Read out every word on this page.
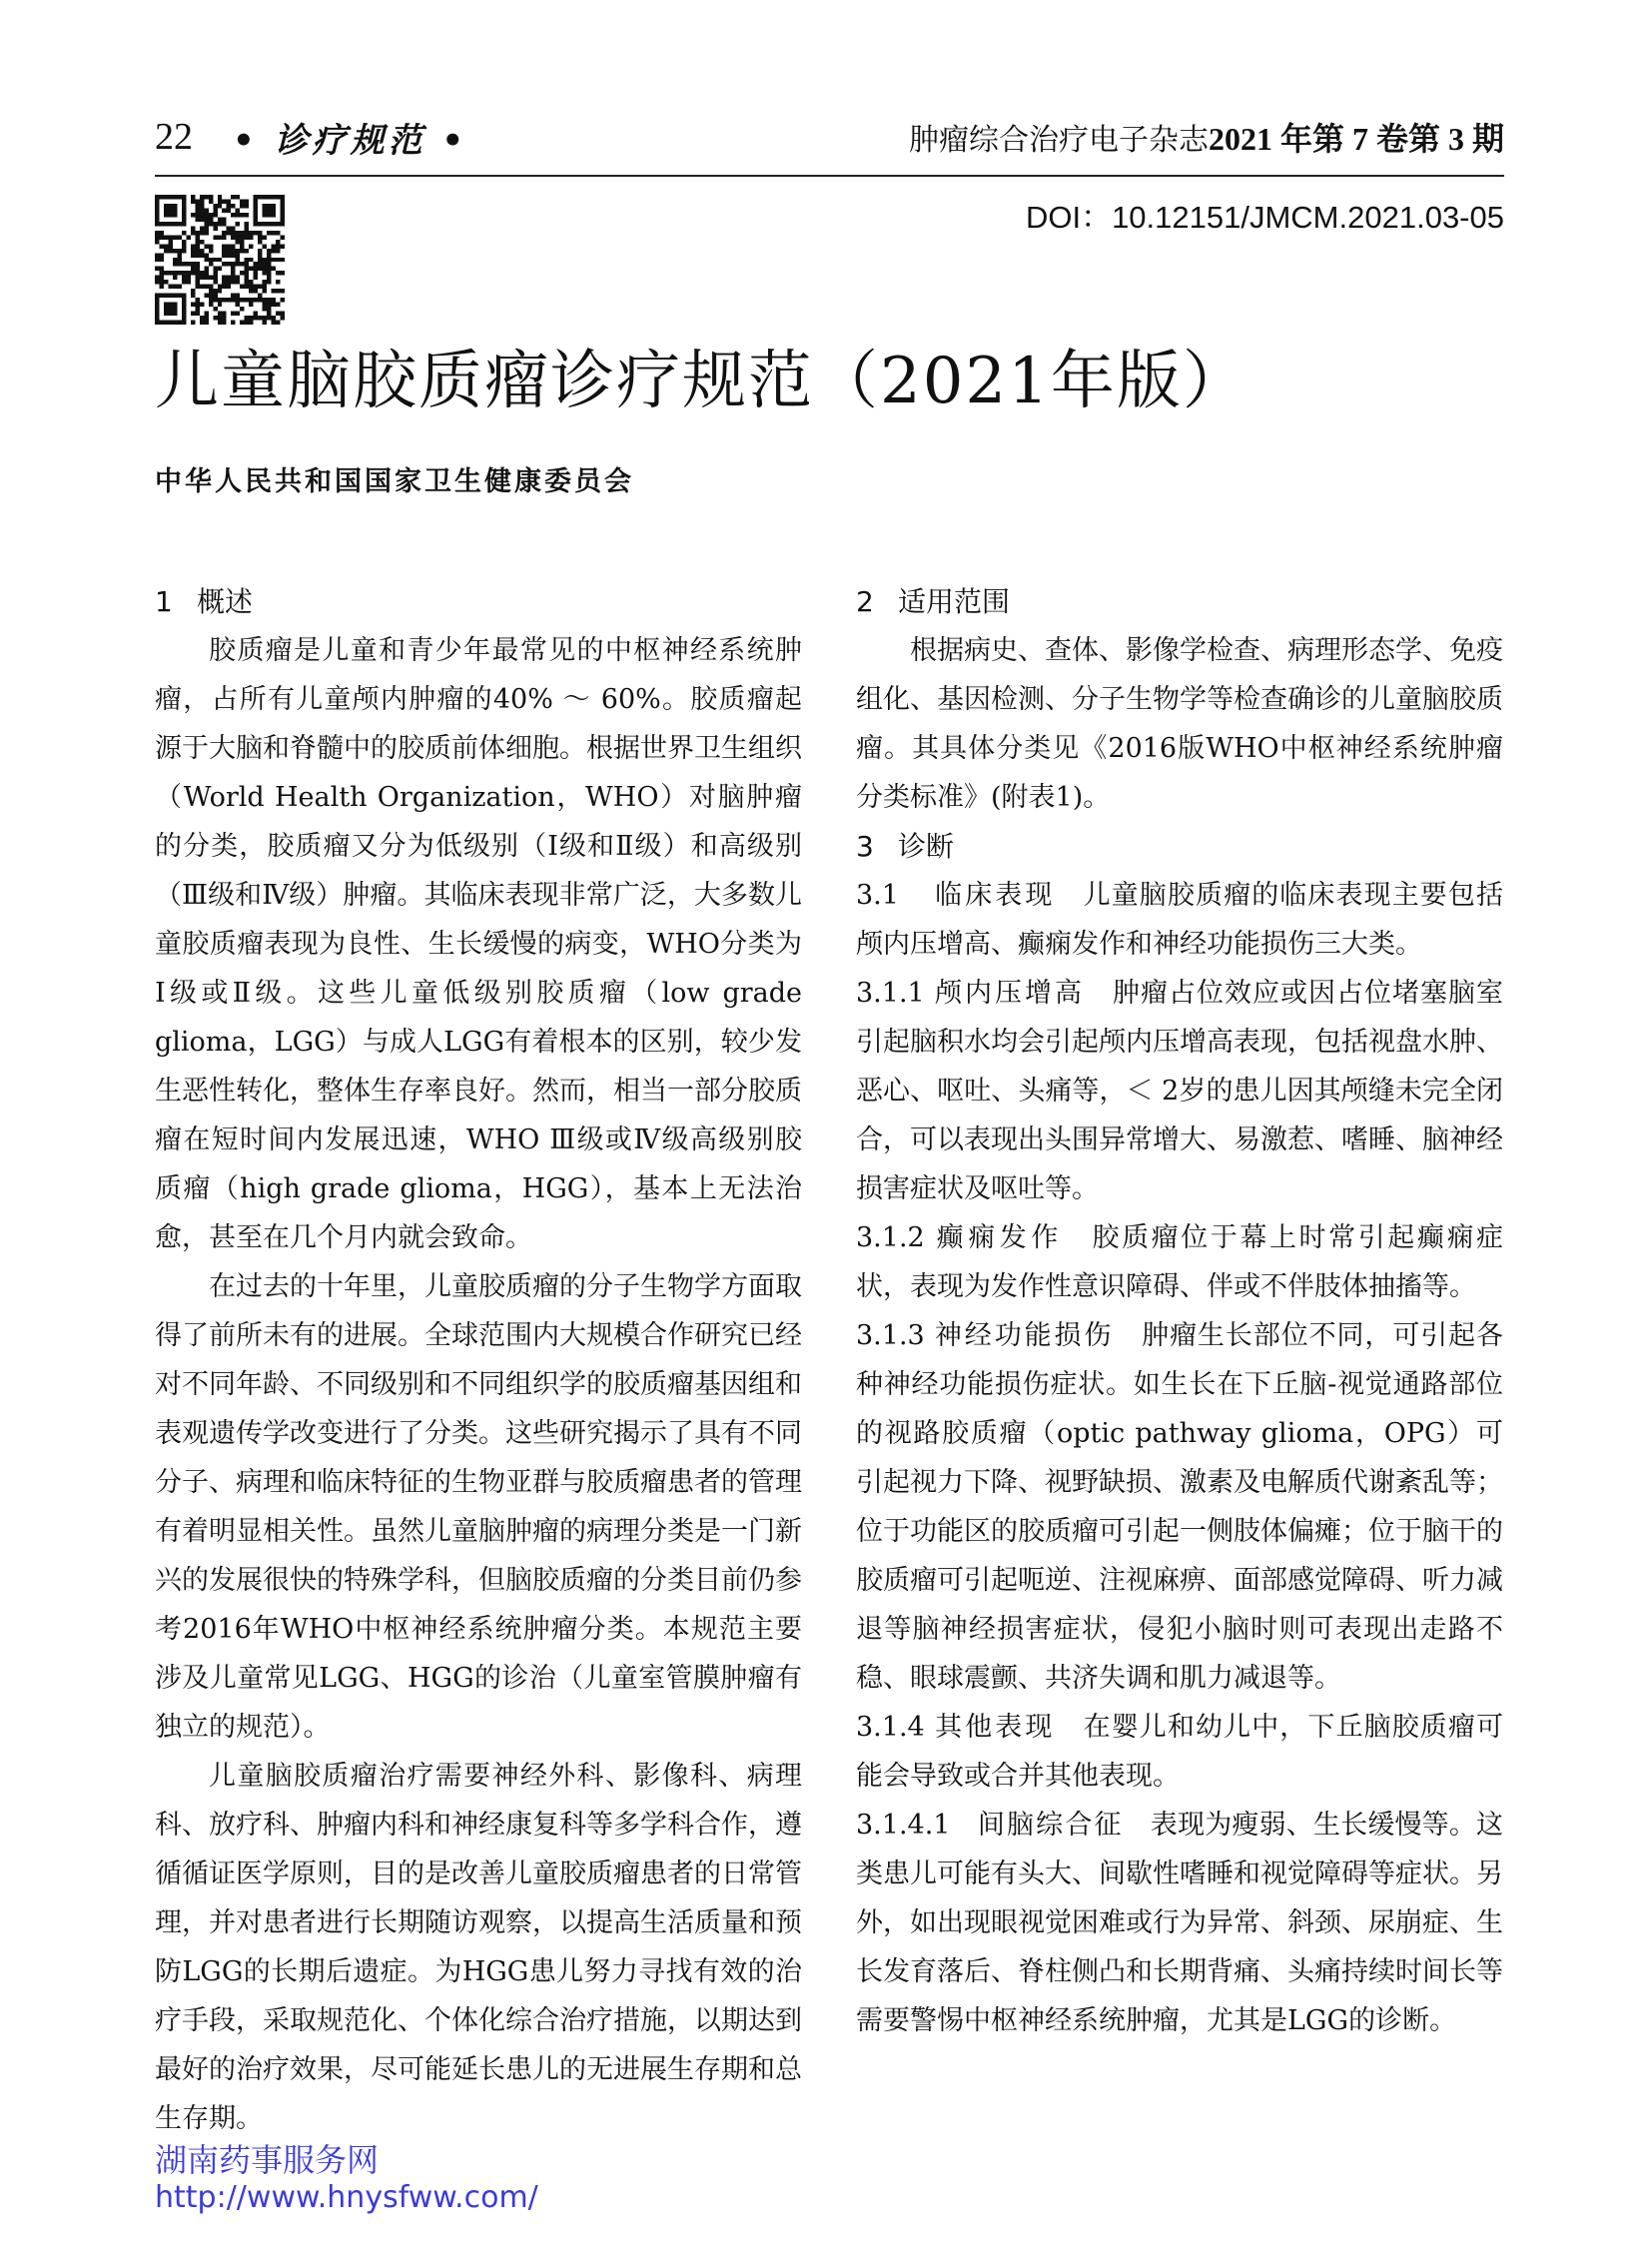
22 • 诊疗规范 •	肿瘤综合治疗电子杂志 2021 年第 7 卷第 3 期
DOI：10.12151/JMCM.2021.03-05
儿童脑胶质瘤诊疗规范（2021年版）
中华人民共和国国家卫生健康委员会

1 概述

胶质瘤是儿童和青少年最常见的中枢神经系统肿瘤，占所有儿童颅内肿瘤的40% ～ 60%。胶质瘤起源于大脑和脊髓中的胶质前体细胞。根据世界卫生组织（World Health Organization，WHO）对脑肿瘤的分类，胶质瘤又分为低级别（Ⅰ级和Ⅱ级）和高级别（Ⅲ级和Ⅳ级）肿瘤。其临床表现非常广泛，大多数儿童胶质瘤表现为良性、生长缓慢的病变，WHO分类为Ⅰ级或Ⅱ级。这些儿童低级别胶质瘤（low grade glioma，LGG）与成人LGG有着根本的区别，较少发生恶性转化，整体生存率良好。然而，相当一部分胶质瘤在短时间内发展迅速，WHO Ⅲ级或Ⅳ级高级别胶质瘤（high grade glioma，HGG），基本上无法治愈，甚至在几个月内就会致命。

在过去的十年里，儿童胶质瘤的分子生物学方面取得了前所未有的进展。全球范围内大规模合作研究已经对不同年龄、不同级别和不同组织学的胶质瘤基因组和表观遗传学改变进行了分类。这些研究揭示了具有不同分子、病理和临床特征的生物亚群与胶质瘤患者的管理有着明显相关性。虽然儿童脑肿瘤的病理分类是一门新兴的发展很快的特殊学科，但脑胶质瘤的分类目前仍参考2016年WHO中枢神经系统肿瘤分类。本规范主要涉及儿童常见LGG、HGG的诊治（儿童室管膜肿瘤有独立的规范）。

儿童脑胶质瘤治疗需要神经外科、影像科、病理科、放疗科、肿瘤内科和神经康复科等多学科合作，遵循循证医学原则，目的是改善儿童胶质瘤患者的日常管理，并对患者进行长期随访观察，以提高生活质量和预防LGG的长期后遗症。为HGG患儿努力寻找有效的治疗手段，采取规范化、个体化综合治疗措施，以期达到最好的治疗效果，尽可能延长患儿的无进展生存期和总生存期。

2 适用范围

根据病史、查体、影像学检查、病理形态学、免疫组化、基因检测、分子生物学等检查确诊的儿童脑胶质瘤。其具体分类见《2016版WHO中枢神经系统肿瘤分类标准》(附表1)。

3 诊断

3.1 临床表现　 儿童脑胶质瘤的临床表现主要包括颅内压增高、癫痫发作和神经功能损伤三大类。

3.1.1 颅内压增高　 肿瘤占位效应或因占位堵塞脑室引起脑积水均会引起颅内压增高表现，包括视盘水肿、恶心、呕吐、头痛等，＜ 2岁的患儿因其颅缝未完全闭合，可以表现出头围异常增大、易激惹、嗜睡、脑神经损害症状及呕吐等。

3.1.2 癫痫发作　 胶质瘤位于幕上时常引起癫痫症状，表现为发作性意识障碍、伴或不伴肢体抽搐等。

3.1.3 神经功能损伤　 肿瘤生长部位不同，可引起各种神经功能损伤症状。如生长在下丘脑-视觉通路部位的视路胶质瘤（optic pathway glioma，OPG）可引起视力下降、视野缺损、激素及电解质代谢紊乱等；位于功能区的胶质瘤可引起一侧肢体偏瘫；位于脑干的胶质瘤可引起呃逆、注视麻痹、面部感觉障碍、听力减退等脑神经损害症状，侵犯小脑时则可表现出走路不稳、眼球震颤、共济失调和肌力减退等。

3.1.4 其他表现　 在婴儿和幼儿中，下丘脑胶质瘤可能会导致或合并其他表现。

3.1.4.1　 间脑综合征　 表现为瘦弱、生长缓慢等。这类患儿可能有头大、间歇性嗜睡和视觉障碍等症状。另外，如出现眼视觉困难或行为异常、斜颈、尿崩症、生长发育落后、脊柱侧凸和长期背痛、头痛持续时间长等需要警惕中枢神经系统肿瘤，尤其是LGG的诊断。

湖南药事服务网
http://www.hnysfww.com/
